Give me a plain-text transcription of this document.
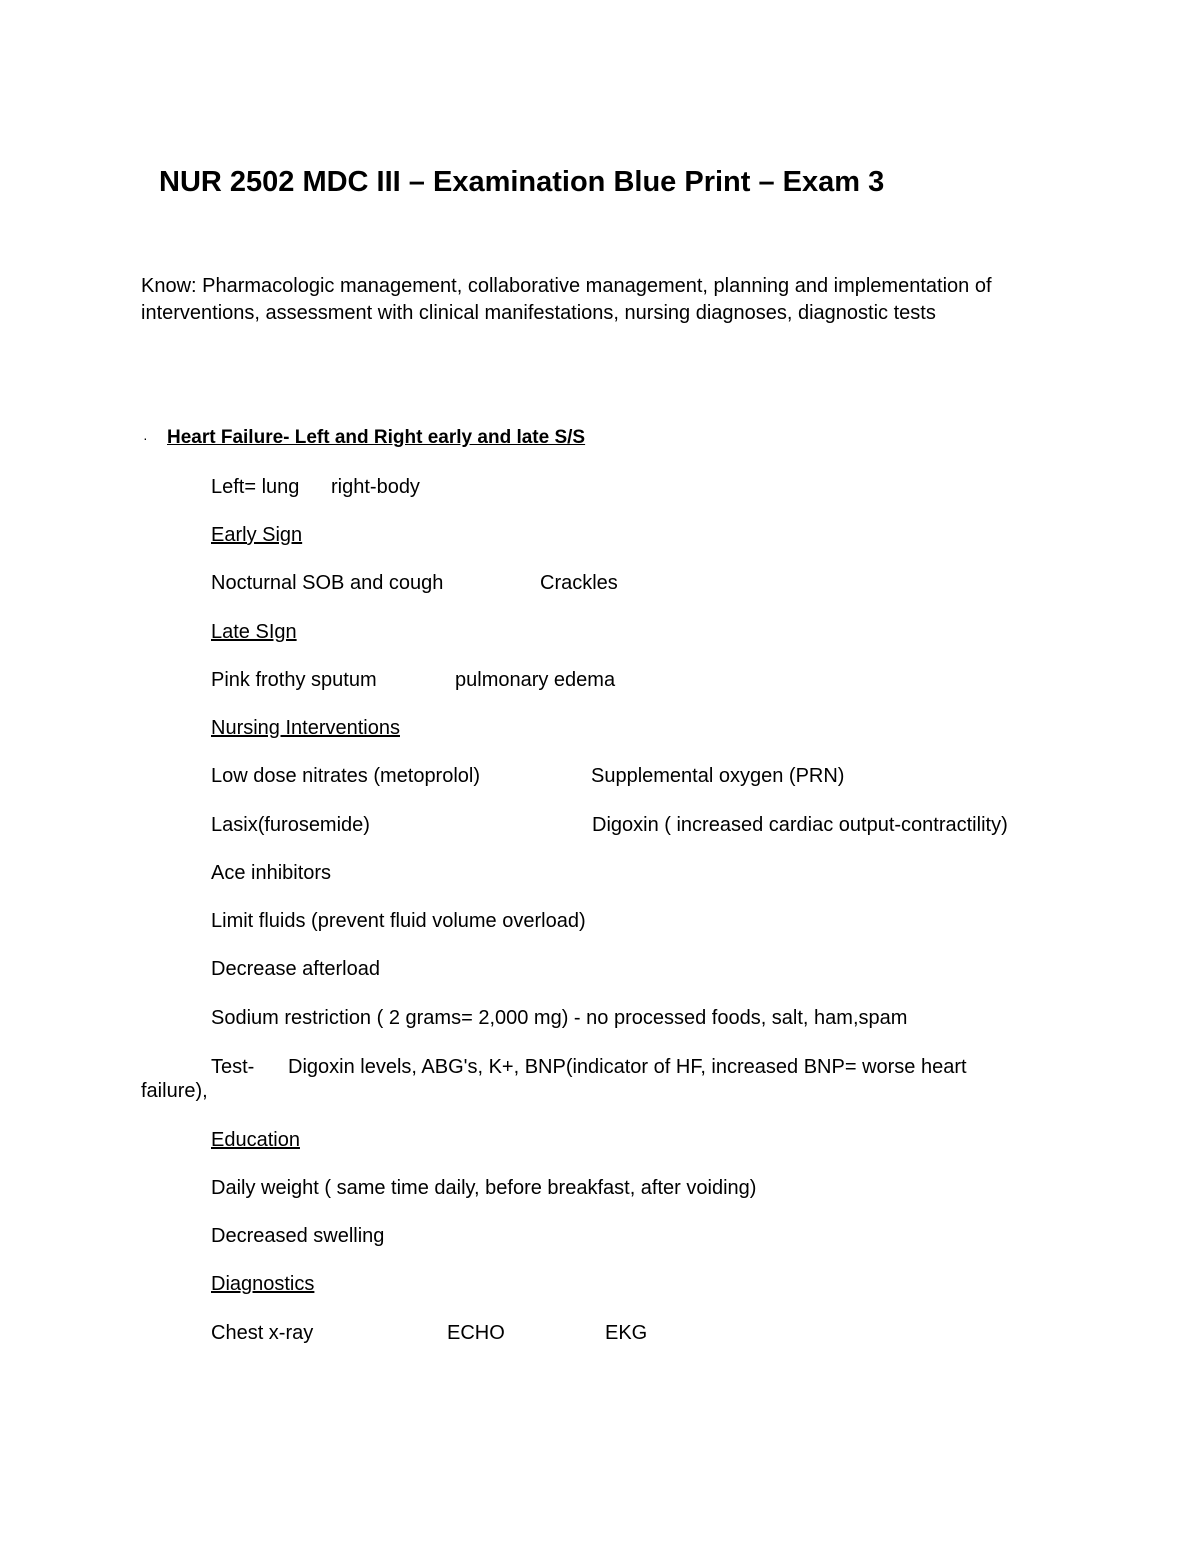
NUR 2502 MDC III – Examination Blue Print – Exam 3
Know: Pharmacologic management, collaborative management, planning and implementation of interventions, assessment with clinical manifestations, nursing diagnoses, diagnostic tests
· Heart Failure- Left and Right early and late S/S
Left= lung right-body
Early Sign
Nocturnal SOB and cough	Crackles
Late SIgn
Pink frothy sputum	pulmonary edema
Nursing Interventions
Low dose nitrates (metoprolol)	Supplemental oxygen (PRN)
Lasix(furosemide)	Digoxin ( increased cardiac output-contractility)
Ace inhibitors
Limit fluids (prevent fluid volume overload)
Decrease afterload
Sodium restriction ( 2 grams= 2,000 mg) - no processed foods, salt, ham,spam
Test- Digoxin levels, ABG's, K+, BNP(indicator of HF, increased BNP= worse heart
failure),
Education
Daily weight ( same time daily, before breakfast, after voiding)
Decreased swelling
Diagnostics
Chest x-ray	ECHO	EKG
